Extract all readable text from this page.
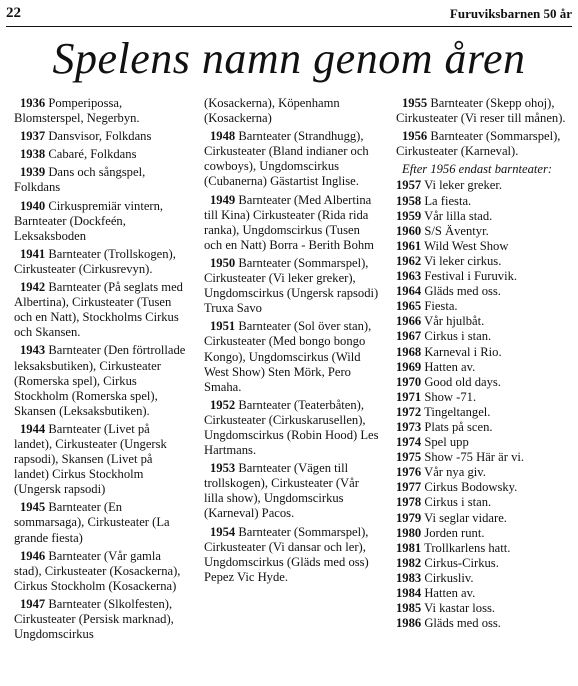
22	Furuviksbarnen 50 år
Spelens namn genom åren
1936 Pomperipossa, Blomsterspel, Negerbyn.
1937 Dansvisor, Folkdans
1938 Cabaré, Folkdans
1939 Dans och sångspel, Folkdans
1940 Cirkuspremiär vintern, Barnteater (Dockfeén, Leksaksboden
1941 Barnteater (Trollskogen), Cirkusteater (Cirkusrevyn).
1942 Barnteater (På seglats med Albertina), Cirkusteater (Tusen och en Natt), Stockholms Cirkus och Skansen.
1943 Barnteater (Den förtrollade leksaksbutiken), Cirkusteater (Romerska spel), Cirkus Stockholm (Romerska spel), Skansen (Leksaksbutiken).
1944 Barnteater (Livet på landet), Cirkusteater (Ungersk rapsodi), Skansen (Livet på landet) Cirkus Stockholm (Ungersk rapsodi)
1945 Barnteater (En sommarsaga), Cirkusteater (La grande fiesta)
1946 Barnteater (Vår gamla stad), Cirkusteater (Kosackerna), Cirkus Stockholm (Kosackerna)
1947 Barnteater (Slkolfesten), Cirkusteater (Persisk marknad), Ungdomscirkus
(Kosackerna), Köpenhamn (Kosackerna)
1948 Barnteater (Strandhugg), Cirkusteater (Bland indianer och cowboys), Ungdomscirkus (Cubanerna) Gästartist Inglise.
1949 Barnteater (Med Albertina till Kina) Cirkusteater (Rida rida ranka), Ungdomscirkus (Tusen och en Natt) Borra - Berith Bohm
1950 Barnteater (Sommarspel), Cirkusteater (Vi leker greker), Ungdomscirkus (Ungersk rapsodi) Truxa Savo
1951 Barnteater (Sol över stan), Cirkusteater (Med bongo bongo Kongo), Ungdomscirkus (Wild West Show) Sten Mörk, Pero Smaha.
1952 Barnteater (Teaterbåten), Cirkusteater (Cirkuskarusellen), Ungdomscirkus (Robin Hood) Les Hartmans.
1953 Barnteater (Vägen till trollskogen), Cirkusteater (Vår lilla show), Ungdomscirkus (Karneval) Pacos.
1954 Barnteater (Sommarspel), Cirkusteater (Vi dansar och ler), Ungdomscirkus (Gläds med oss) Pepez Vic Hyde.
1955 Barnteater (Skepp ohoj), Cirkusteater (Vi reser till månen).
1956 Barnteater (Sommarspel), Cirkusteater (Karneval).
Efter 1956 endast barnteater:
1957 Vi leker greker.
1958 La fiesta.
1959 Vår lilla stad.
1960 S/S Äventyr.
1961 Wild West Show
1962 Vi leker cirkus.
1963 Festival i Furuvik.
1964 Gläds med oss.
1965 Fiesta.
1966 Vår hjulbåt.
1967 Cirkus i stan.
1968 Karneval i Rio.
1969 Hatten av.
1970 Good old days.
1971 Show -71.
1972 Tingeltangel.
1973 Plats på scen.
1974 Spel upp
1975 Show -75 Här är vi.
1976 Vår nya giv.
1977 Cirkus Bodowsky.
1978 Cirkus i stan.
1979 Vi seglar vidare.
1980 Jorden runt.
1981 Trollkarlens hatt.
1982 Cirkus-Cirkus.
1983 Cirkusliv.
1984 Hatten av.
1985 Vi kastar loss.
1986 Gläds med oss.
